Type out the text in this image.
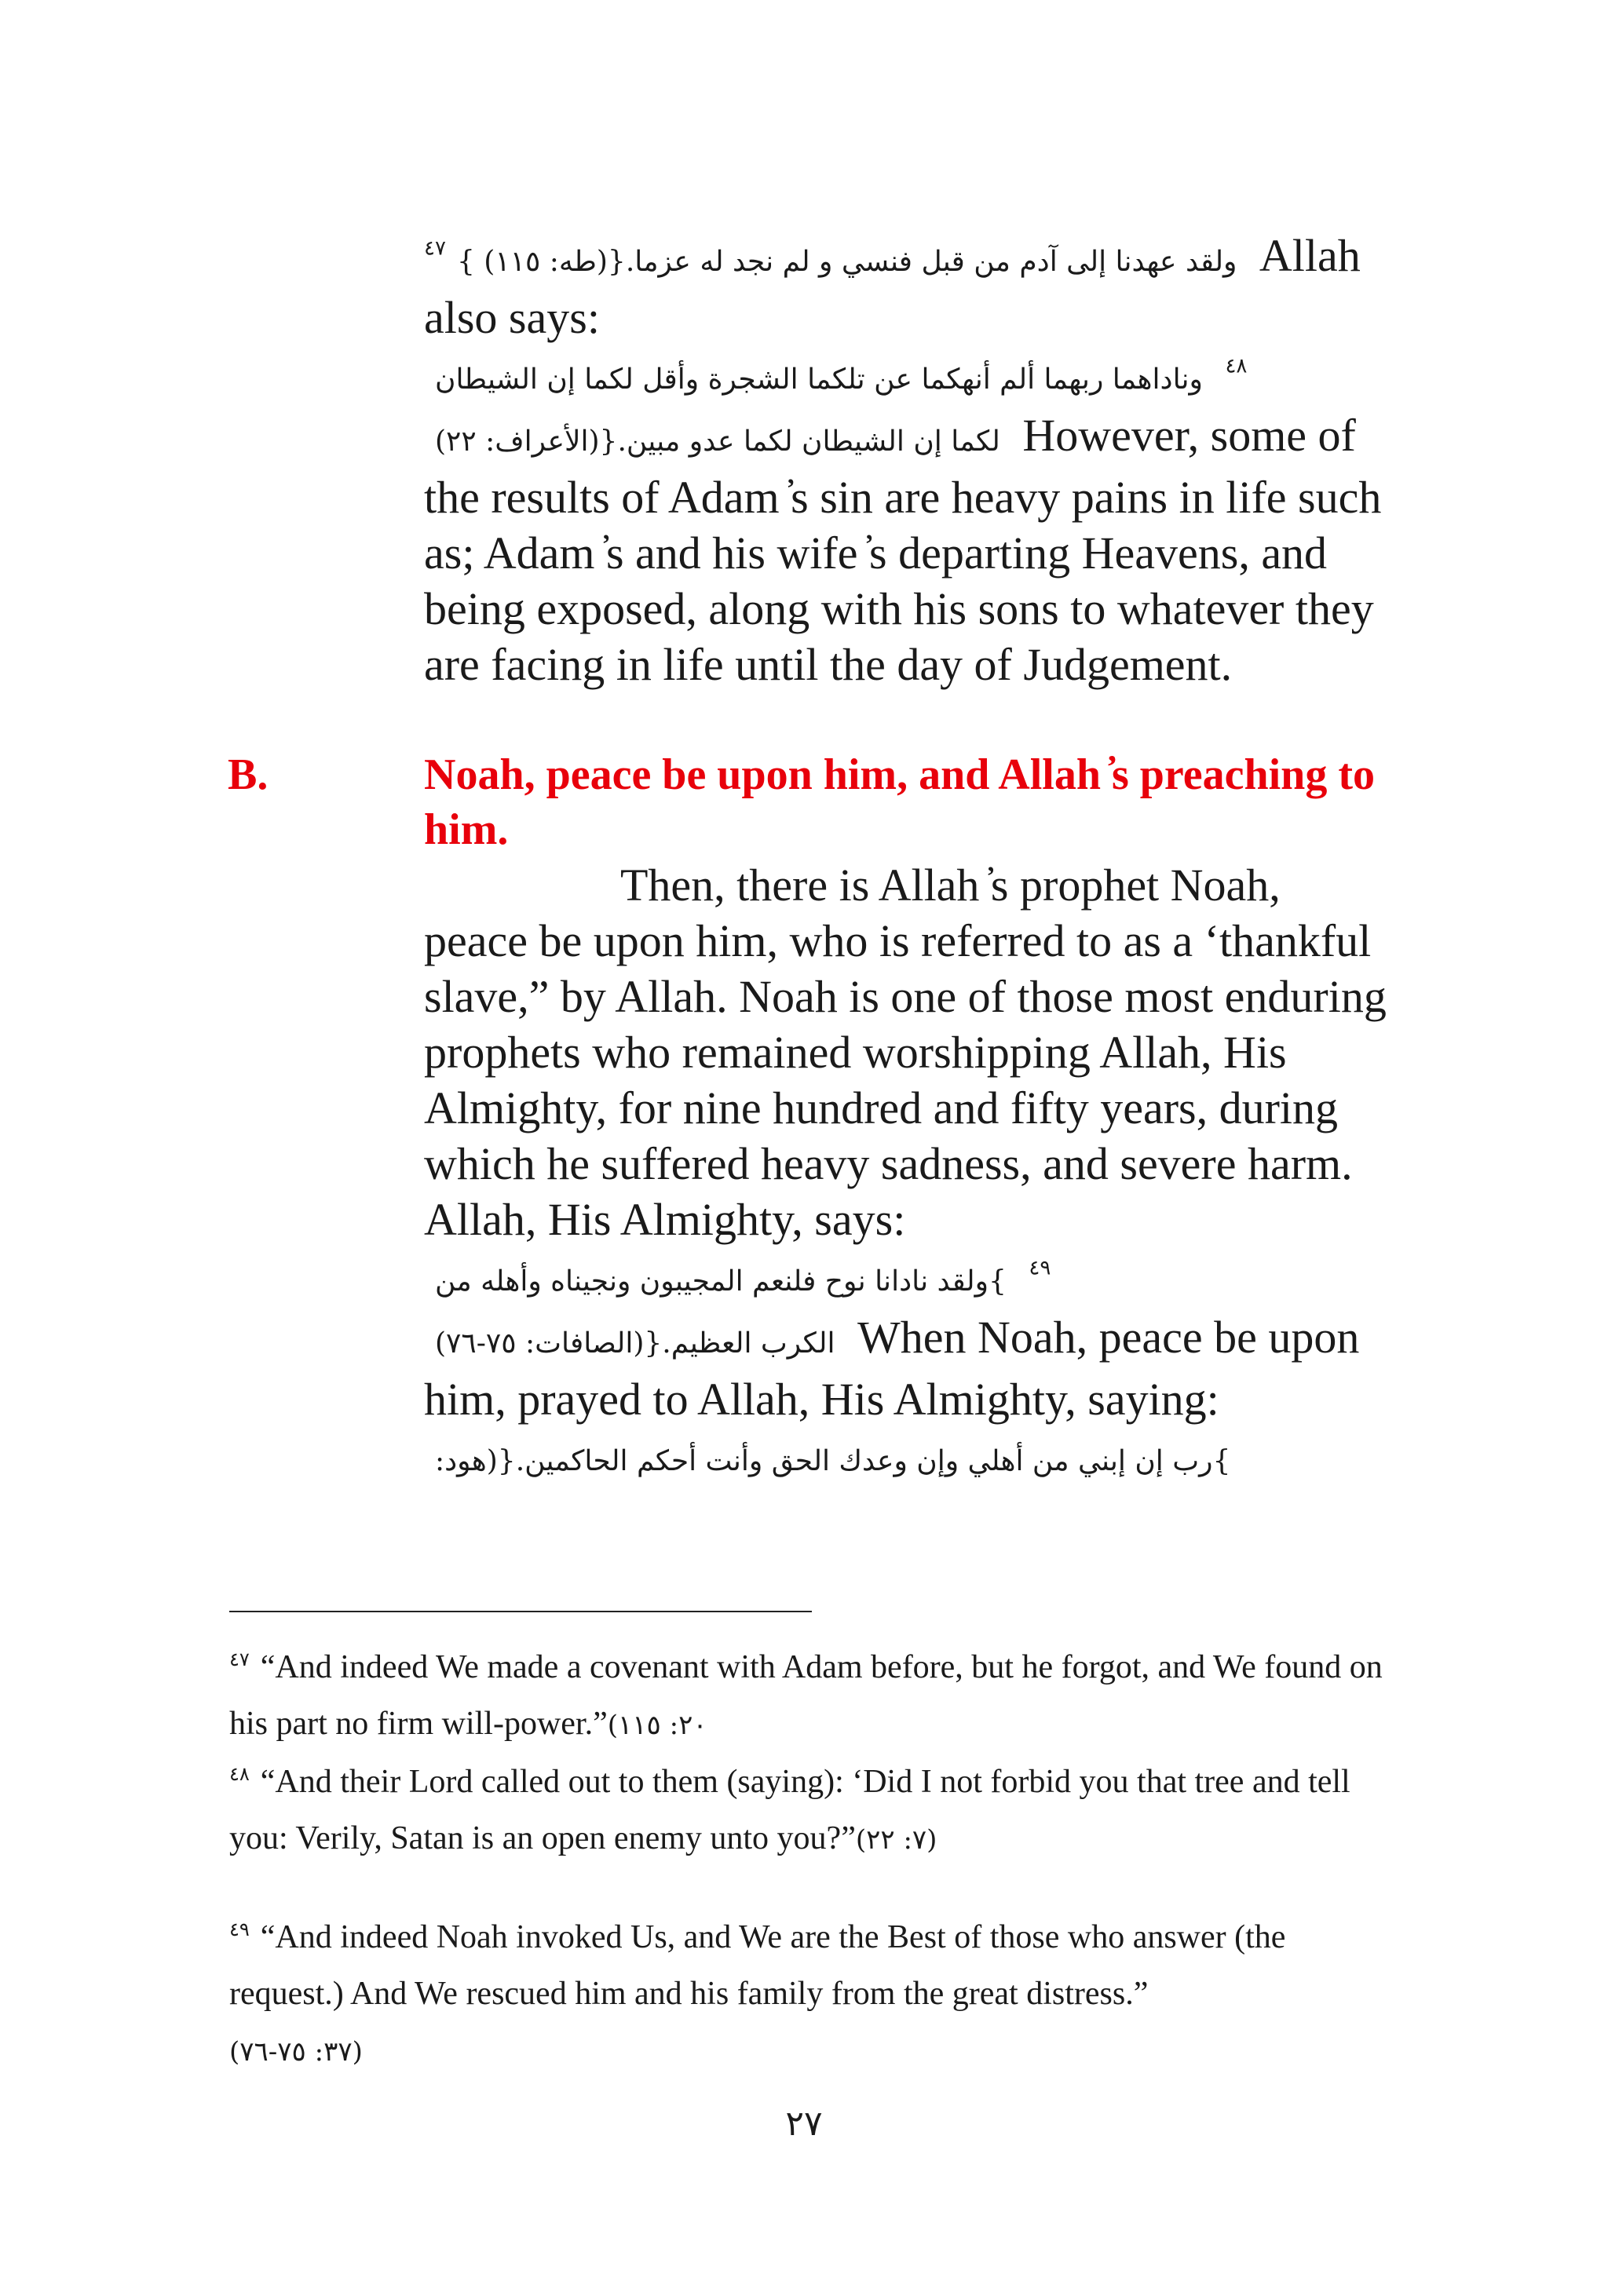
$^{٤٧}$ ولقد عهدنا إلى آدم من قبل فنسي و لم نجد له عزما.{(طه: ١١٥) }	Allah also says: وناداهما ربهما ألم أنهكما عن تلكما الشجرة وأقل لكما إن الشيطان $^{٤٨}$لكما إن الشيطان لكما عدو مبين.{(الأعراف: ٢٢) However, some of the results of Adam ̓s sin are heavy pains in life such as; Adam ̓s and his wife ̓s departing Heavens, and being exposed, along with his sons to whatever they are facing in life until the day of Judgement.

B.	Noah, peace be upon him, and Allah ̓s preaching to him.

Then, there is Allah ̓s prophet Noah, peace be upon him, who is referred to as a ‘thankful slave,” by Allah. Noah is one of those most enduring prophets who remained worshipping Allah, His Almighty, for nine hundred and fifty years, during which he suffered heavy sadness, and severe harm. Allah, His Almighty, says: }ولقد نادانا نوح فلنعم المجيبون ونجيناه وأهله من $^{٤٩}$الكرب العظيم.{(الصافات: ٧٥-٧٦) When Noah, peace be upon him, prayed to Allah, His Almighty, saying: }رب إن إبني من أهلي وإن وعدك الحق وأنت أحكم الحاكمين.{(هود:

$^{٤٧}$ “And indeed We made a covenant with Adam before, but he forgot, and We found on his part no firm will-power.”(٢٠: ١١٥

$^{٤٨}$ “And their Lord called out to them (saying): ‘Did I not forbid you that tree and tell you: Verily, Satan is an open enemy unto you?”(٧: ٢٢)

$^{٤٩}$ “And indeed Noah invoked Us, and We are the Best of those who answer (the request.) And We rescued him and his family from the great distress.”
(٣٧: ٧٥-٧٦)

٢٧
